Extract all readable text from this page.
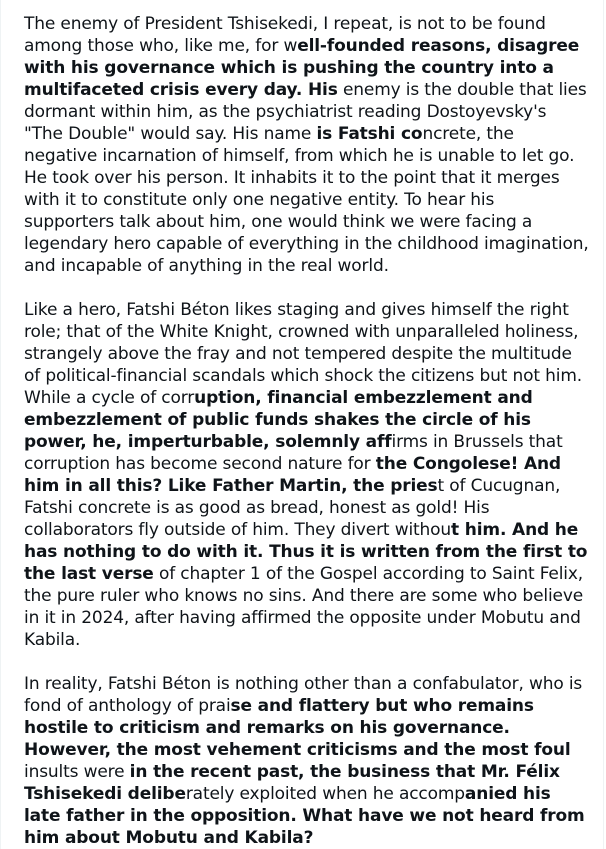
The enemy of President Tshisekedi, I repeat, is not to be found among those who, like me, for well-founded reasons, disagree with his governance which is pushing the country into a multifaceted crisis every day. His enemy is the double that lies dormant within him, as the psychiatrist reading Dostoyevsky's "The Double" would say. His name is Fatshi concrete, the negative incarnation of himself, from which he is unable to let go. He took over his person. It inhabits it to the point that it merges with it to constitute only one negative entity. To hear his supporters talk about him, one would think we were facing a legendary hero capable of everything in the childhood imagination, and incapable of anything in the real world.

Like a hero, Fatshi Béton likes staging and gives himself the right role; that of the White Knight, crowned with unparalleled holiness, strangely above the fray and not tempered despite the multitude of political-financial scandals which shock the citizens but not him. While a cycle of corruption, financial embezzlement and embezzlement of public funds shakes the circle of his power, he, imperturbable, solemnly affirms in Brussels that corruption has become second nature for the Congolese! And him in all this? Like Father Martin, the priest of Cucugnan, Fatshi concrete is as good as bread, honest as gold! His collaborators fly outside of him. They divert without him. And he has nothing to do with it. Thus it is written from the first to the last verse of chapter 1 of the Gospel according to Saint Felix, the pure ruler who knows no sins. And there are some who believe in it in 2024, after having affirmed the opposite under Mobutu and Kabila.

In reality, Fatshi Béton is nothing other than a confabulator, who is fond of anthology of praise and flattery but who remains hostile to criticism and remarks on his governance. However, the most vehement criticisms and the most foul insults were in the recent past, the business that Mr. Félix Tshisekedi deliberately exploited when he accompanied his late father in the opposition. What have we not heard from him about Mobutu and Kabila?
